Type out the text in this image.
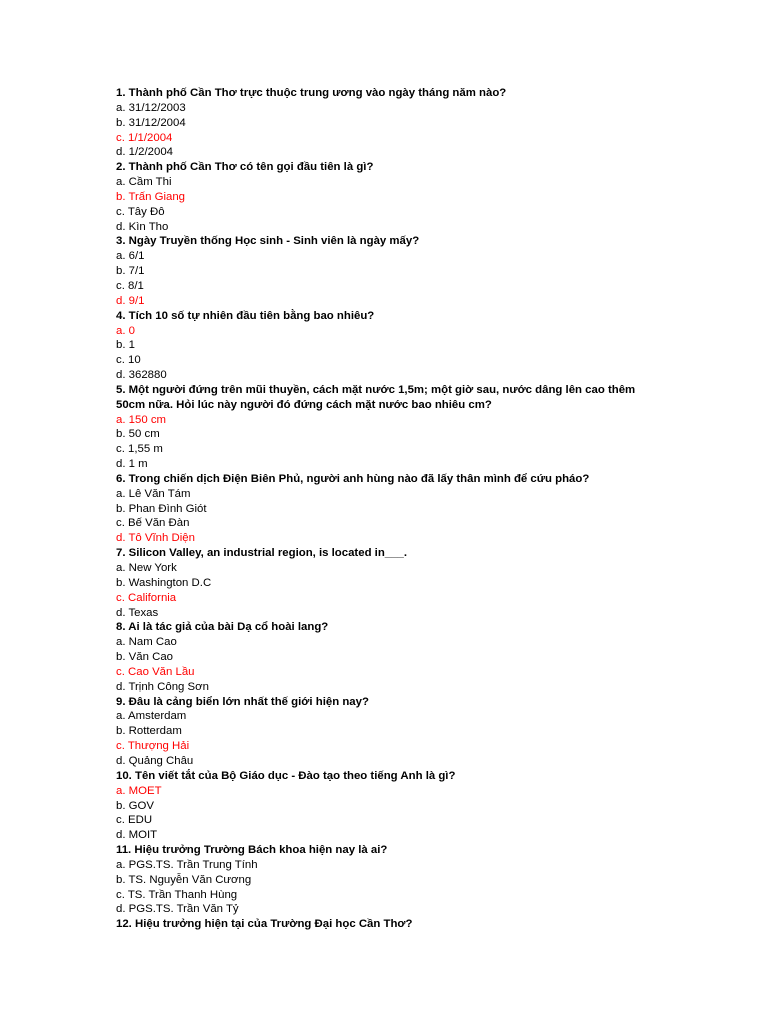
1. Thành phố Cần Thơ trực thuộc trung ương vào ngày tháng năm nào?
a. 31/12/2003
b. 31/12/2004
c. 1/1/2004
d. 1/2/2004
2. Thành phố Cần Thơ có tên gọi đầu tiên là gì?
a. Cầm Thi
b. Trấn Giang
c. Tây Đô
d. Kìn Tho
3. Ngày Truyền thống Học sinh - Sinh viên là ngày mấy?
a. 6/1
b. 7/1
c. 8/1
d. 9/1
4. Tích 10 số tự nhiên đầu tiên bằng bao nhiêu?
a. 0
b. 1
c. 10
d. 362880
5. Một người đứng trên mũi thuyền, cách mặt nước 1,5m; một giờ sau, nước dâng lên cao thêm 50cm nữa. Hỏi lúc này người đó đứng cách mặt nước bao nhiêu cm?
a. 150 cm
b. 50 cm
c. 1,55 m
d. 1 m
6. Trong chiến dịch Điện Biên Phủ, người anh hùng nào đã lấy thân mình để cứu pháo?
a. Lê Văn Tám
b. Phan Đình Giót
c. Bế Văn Đàn
d. Tô Vĩnh Diện
7. Silicon Valley, an industrial region, is located in___.
a. New York
b. Washington D.C
c. California
d. Texas
8. Ai là tác giả của bài Dạ cổ hoài lang?
a. Nam Cao
b. Văn Cao
c. Cao Văn Lầu
d. Trịnh Công Sơn
9. Đâu là cảng biển lớn nhất thế giới hiện nay?
a. Amsterdam
b. Rotterdam
c. Thượng Hải
d. Quảng Châu
10. Tên viết tắt của Bộ Giáo dục - Đào tạo theo tiếng Anh là gì?
a. MOET
b. GOV
c. EDU
d. MOIT
11. Hiệu trưởng Trường Bách khoa hiện nay là ai?
a. PGS.TS. Trần Trung Tính
b. TS. Nguyễn Văn Cương
c. TS. Trần Thanh Hùng
d. PGS.TS. Trần Văn Tỷ
12. Hiệu trưởng hiện tại của Trường Đại học Cần Thơ?
